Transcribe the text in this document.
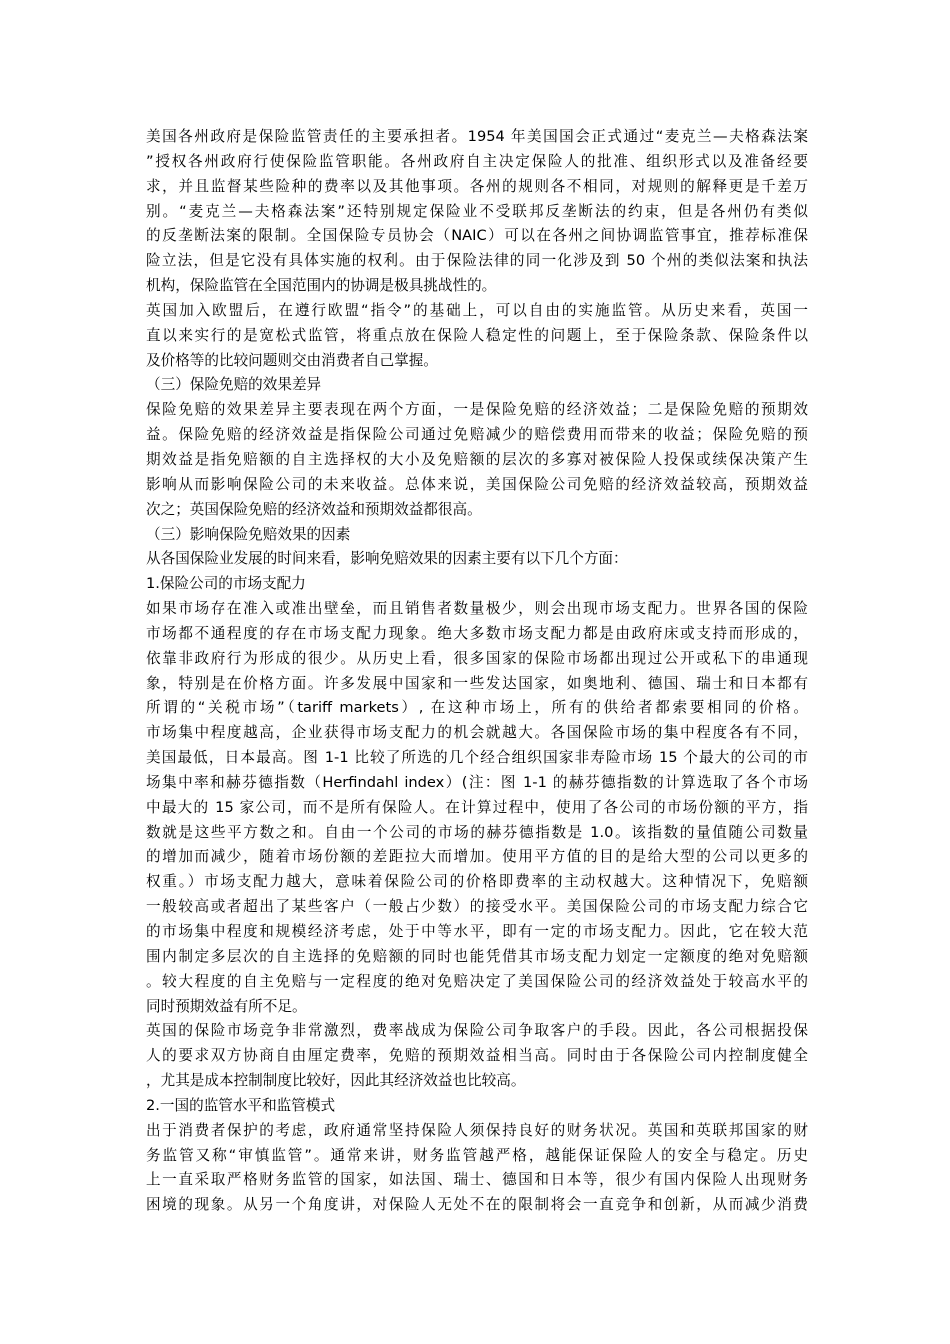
美国各州政府是保险监管责任的主要承担者。1954 年美国国会正式通过“麦克兰—夫格森法案
”授权各州政府行使保险监管职能。各州政府自主决定保险人的批准、组织形式以及准备经要
求，并且监督某些险种的费率以及其他事项。各州的规则各不相同，对规则的解释更是千差万
别。“麦克兰—夫格森法案”还特别规定保险业不受联邦反垄断法的约束，但是各州仍有类似
的反垄断法案的限制。全国保险专员协会（NAIC）可以在各州之间协调监管事宜，推荐标准保
险立法，但是它没有具体实施的权利。由于保险法律的同一化涉及到 50 个州的类似法案和执法
机构，保险监管在全国范围内的协调是极具挑战性的。
英国加入欧盟后，在遵行欧盟“指令”的基础上，可以自由的实施监管。从历史来看，英国一
直以来实行的是宽松式监管，将重点放在保险人稳定性的问题上，至于保险条款、保险条件以
及价格等的比较问题则交由消费者自己掌握。
（三）保险免赔的效果差异
保险免赔的效果差异主要表现在两个方面，一是保险免赔的经济效益；二是保险免赔的预期效
益。保险免赔的经济效益是指保险公司通过免赔减少的赔偿费用而带来的收益；保险免赔的预
期效益是指免赔额的自主选择权的大小及免赔额的层次的多寡对被保险人投保或续保决策产生
影响从而影响保险公司的未来收益。总体来说，美国保险公司免赔的经济效益较高，预期效益
次之；英国保险免赔的经济效益和预期效益都很高。
（三）影响保险免赔效果的因素
从各国保险业发展的时间来看，影响免赔效果的因素主要有以下几个方面：
1.保险公司的市场支配力
如果市场存在准入或准出壁垒，而且销售者数量极少，则会出现市场支配力。世界各国的保险
市场都不通程度的存在市场支配力现象。绝大多数市场支配力都是由政府床或支持而形成的，
依靠非政府行为形成的很少。从历史上看，很多国家的保险市场都出现过公开或私下的串通现
象，特别是在价格方面。许多发展中国家和一些发达国家，如奥地利、德国、瑞士和日本都有
所谓的“关税市场”（tariff markets）, 在这种市场上，所有的供给者都索要相同的价格。
市场集中程度越高，企业获得市场支配力的机会就越大。各国保险市场的集中程度各有不同，
美国最低，日本最高。图 1-1 比较了所选的几个经合组织国家非寿险市场 15 个最大的公司的市
场集中率和赫芬德指数（Herfindahl index）(注：图 1-1 的赫芬德指数的计算选取了各个市场
中最大的 15 家公司，而不是所有保险人。在计算过程中，使用了各公司的市场份额的平方，指
数就是这些平方数之和。自由一个公司的市场的赫芬德指数是 1.0。该指数的量值随公司数量
的增加而减少，随着市场份额的差距拉大而增加。使用平方值的目的是给大型的公司以更多的
权重。）市场支配力越大，意味着保险公司的价格即费率的主动权越大。这种情况下，免赔额
一般较高或者超出了某些客户（一般占少数）的接受水平。美国保险公司的市场支配力综合它
的市场集中程度和规模经济考虑，处于中等水平，即有一定的市场支配力。因此，它在较大范
围内制定多层次的自主选择的免赔额的同时也能凭借其市场支配力划定一定额度的绝对免赔额
。较大程度的自主免赔与一定程度的绝对免赔决定了美国保险公司的经济效益处于较高水平的
同时预期效益有所不足。
英国的保险市场竞争非常激烈，费率战成为保险公司争取客户的手段。因此，各公司根据投保
人的要求双方协商自由厘定费率，免赔的预期效益相当高。同时由于各保险公司内控制度健全
，尤其是成本控制制度比较好，因此其经济效益也比较高。
2.一国的监管水平和监管模式
出于消费者保护的考虑，政府通常坚持保险人须保持良好的财务状况。英国和英联邦国家的财
务监管又称“审慎监管”。通常来讲，财务监管越严格，越能保证保险人的安全与稳定。历史
上一直采取严格财务监管的国家，如法国、瑞士、德国和日本等，很少有国内保险人出现财务
困境的现象。从另一个角度讲，对保险人无处不在的限制将会一直竞争和创新，从而减少消费
